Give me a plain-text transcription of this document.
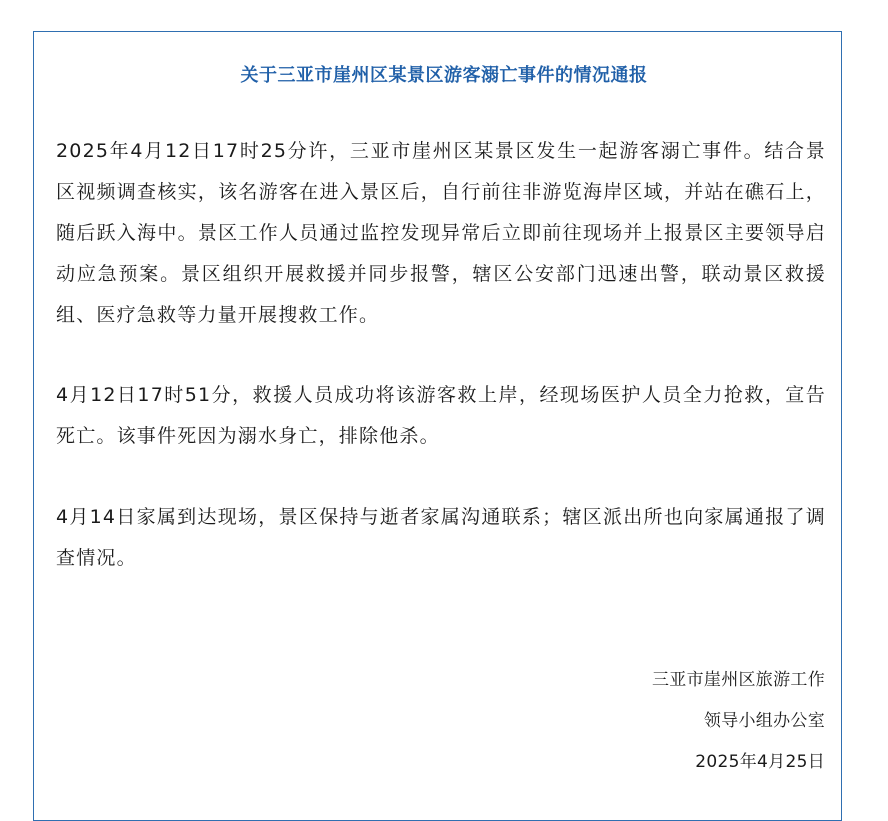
关于三亚市崖州区某景区游客溺亡事件的情况通报

2025年4月12日17时25分许，三亚市崖州区某景区发生一起游客溺亡事件。结合景区视频调查核实，该名游客在进入景区后，自行前往非游览海岸区域，并站在礁石上，随后跃入海中。景区工作人员通过监控发现异常后立即前往现场并上报景区主要领导启动应急预案。景区组织开展救援并同步报警，辖区公安部门迅速出警，联动景区救援组、医疗急救等力量开展搜救工作。

4月12日17时51分，救援人员成功将该游客救上岸，经现场医护人员全力抢救，宣告死亡。该事件死因为溺水身亡，排除他杀。

4月14日家属到达现场，景区保持与逝者家属沟通联系；辖区派出所也向家属通报了调查情况。

三亚市崖州区旅游工作
领导小组办公室
2025年4月25日
